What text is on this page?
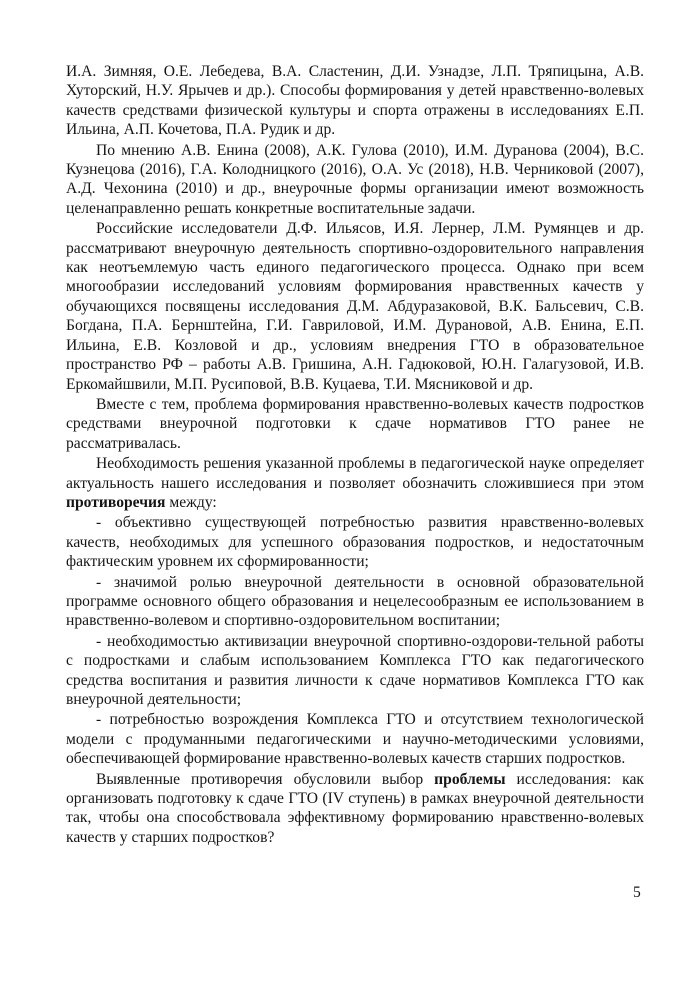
И.А. Зимняя, О.Е. Лебедева, В.А. Сластенин, Д.И. Узнадзе, Л.П. Тряпицына, А.В. Хуторский, Н.У. Ярычев и др.). Способы формирования у детей нравственно-волевых качеств средствами физической культуры и спорта отражены в исследованиях Е.П. Ильина, А.П. Кочетова, П.А. Рудик и др.

По мнению А.В. Енина (2008), А.К. Гулова (2010), И.М. Дуранова (2004), В.С. Кузнецова (2016), Г.А. Колодницкого (2016), О.А. Ус (2018), Н.В. Черниковой (2007), А.Д. Чехонина (2010) и др., внеурочные формы организации имеют возможность целенаправленно решать конкретные воспитательные задачи.

Российские исследователи Д.Ф. Ильясов, И.Я. Лернер, Л.М. Румянцев и др. рассматривают внеурочную деятельность спортивно-оздоровительного направления как неотъемлемую часть единого педагогического процесса. Однако при всем многообразии исследований условиям формирования нравственных качеств у обучающихся посвящены исследования Д.М. Абдуразаковой, В.К. Бальсевич, С.В. Богдана, П.А. Бернштейна, Г.И. Гавриловой, И.М. Дурановой, А.В. Енина, Е.П. Ильина, Е.В. Козловой и др., условиям внедрения ГТО в образовательное пространство РФ – работы А.В. Гришина, А.Н. Гадюковой, Ю.Н. Галагузовой, И.В. Еркомайшвили, М.П. Русиповой, В.В. Куцаева, Т.И. Мясниковой и др.

Вместе с тем, проблема формирования нравственно-волевых качеств подростков средствами внеурочной подготовки к сдаче нормативов ГТО ранее не рассматривалась.

Необходимость решения указанной проблемы в педагогической науке определяет актуальность нашего исследования и позволяет обозначить сложившиеся при этом противоречия между:

- объективно существующей потребностью развития нравственно-волевых качеств, необходимых для успешного образования подростков, и недостаточным фактическим уровнем их сформированности;

- значимой ролью внеурочной деятельности в основной образовательной программе основного общего образования и нецелесообразным ее использованием в нравственно-волевом и спортивно-оздоровительном воспитании;

- необходимостью активизации внеурочной спортивно-оздорови-тельной работы с подростками и слабым использованием Комплекса ГТО как педагогического средства воспитания и развития личности к сдаче нормативов Комплекса ГТО как внеурочной деятельности;

- потребностью возрождения Комплекса ГТО и отсутствием технологической модели с продуманными педагогическими и научно-методическими условиями, обеспечивающей формирование нравственно-волевых качеств старших подростков.

Выявленные противоречия обусловили выбор проблемы исследования: как организовать подготовку к сдаче ГТО (IV ступень) в рамках внеурочной деятельности так, чтобы она способствовала эффективному формированию нравственно-волевых качеств у старших подростков?

5
